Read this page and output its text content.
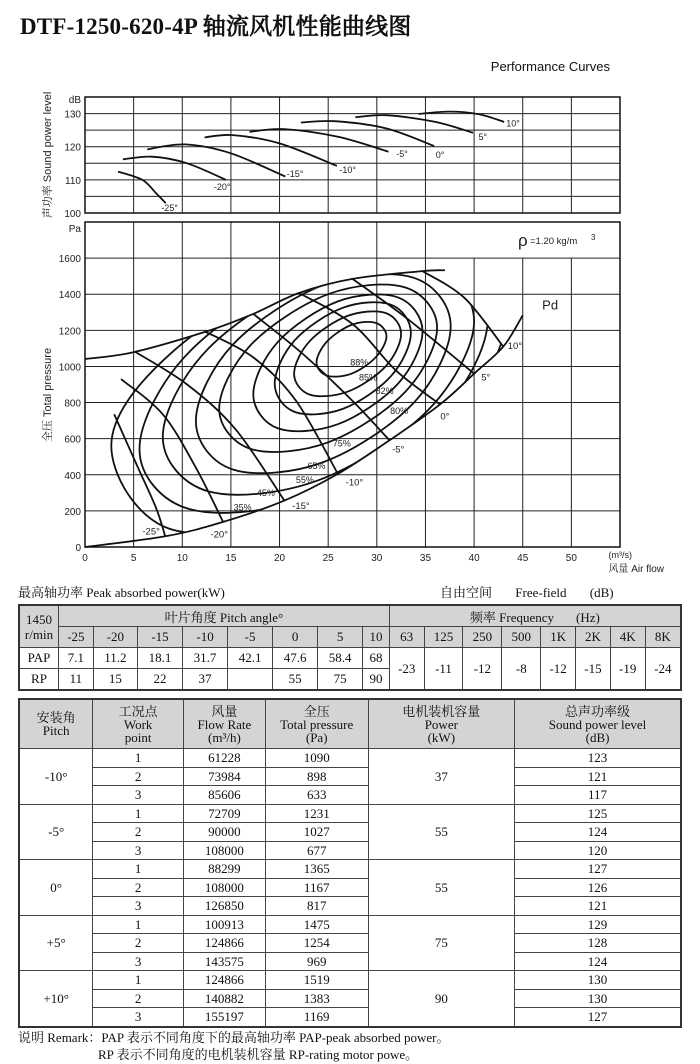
DTF-1250-620-4P 轴流风机性能曲线图
Performance Curves
100
110
120
130
dB
声功率 Sound power level	-25°
-20°
-15°	-10°
-5°	0°
5°
10°
0
200
400
600
800
1000
1200
1400
1600
Pa
0	5	10	15	20	25	30	35	40	45	50	(m³/s)
风量 Air flow
全压 Total pressure
ρ =1.20 kg/m 3
88%
85%
82%
80%
75%
65%
55%
45%
35%
Pd
-25°	-20°
-15°
-10°
-5°
0°
5°
10°
最高轴功率 Peak absorbed power(kW)	自由空间 Free-field (dB)
1450
r/min	叶片角度 Pitch angle°								频率 Frequency (Hz)							
	-25	-20	-15	-10	-5	0	5	10	63	125	250	500	1K	2K	4K	8K
PAP	7.1	11.2	18.1	31.7	42.1	47.6	58.4	68	-23	-11	-12	-8	-12	-15	-19	-24
RP	11	15	22	37		55	75	90								
安装角
Pitch	工况点
Work
point	风量
Flow Rate
(m³/h)	全压
Total pressure
(Pa)	电机装机容量
Power
(kW)	总声功率级
Sound power level
(dB)
-10°	1	61228	1090	37	123
	2	73984	898		121
	3	85606	633		117
-5°	1	72709	1231	55	125
	2	90000	1027		124
	3	108000	677		120
0°	1	88299	1365	55	127
	2	108000	1167		126
	3	126850	817		121
+5°	1	100913	1475	75	129
	2	124866	1254		128
	3	143575	969		124
+10°	1	124866	1519	90	130
	2	140882	1383		130
	3	155197	1169		127
说明 Remark：PAP 表示不同角度下的最高轴功率 PAP-peak absorbed power。
RP 表示不同角度的电机装机容量 RP-rating motor powe。
